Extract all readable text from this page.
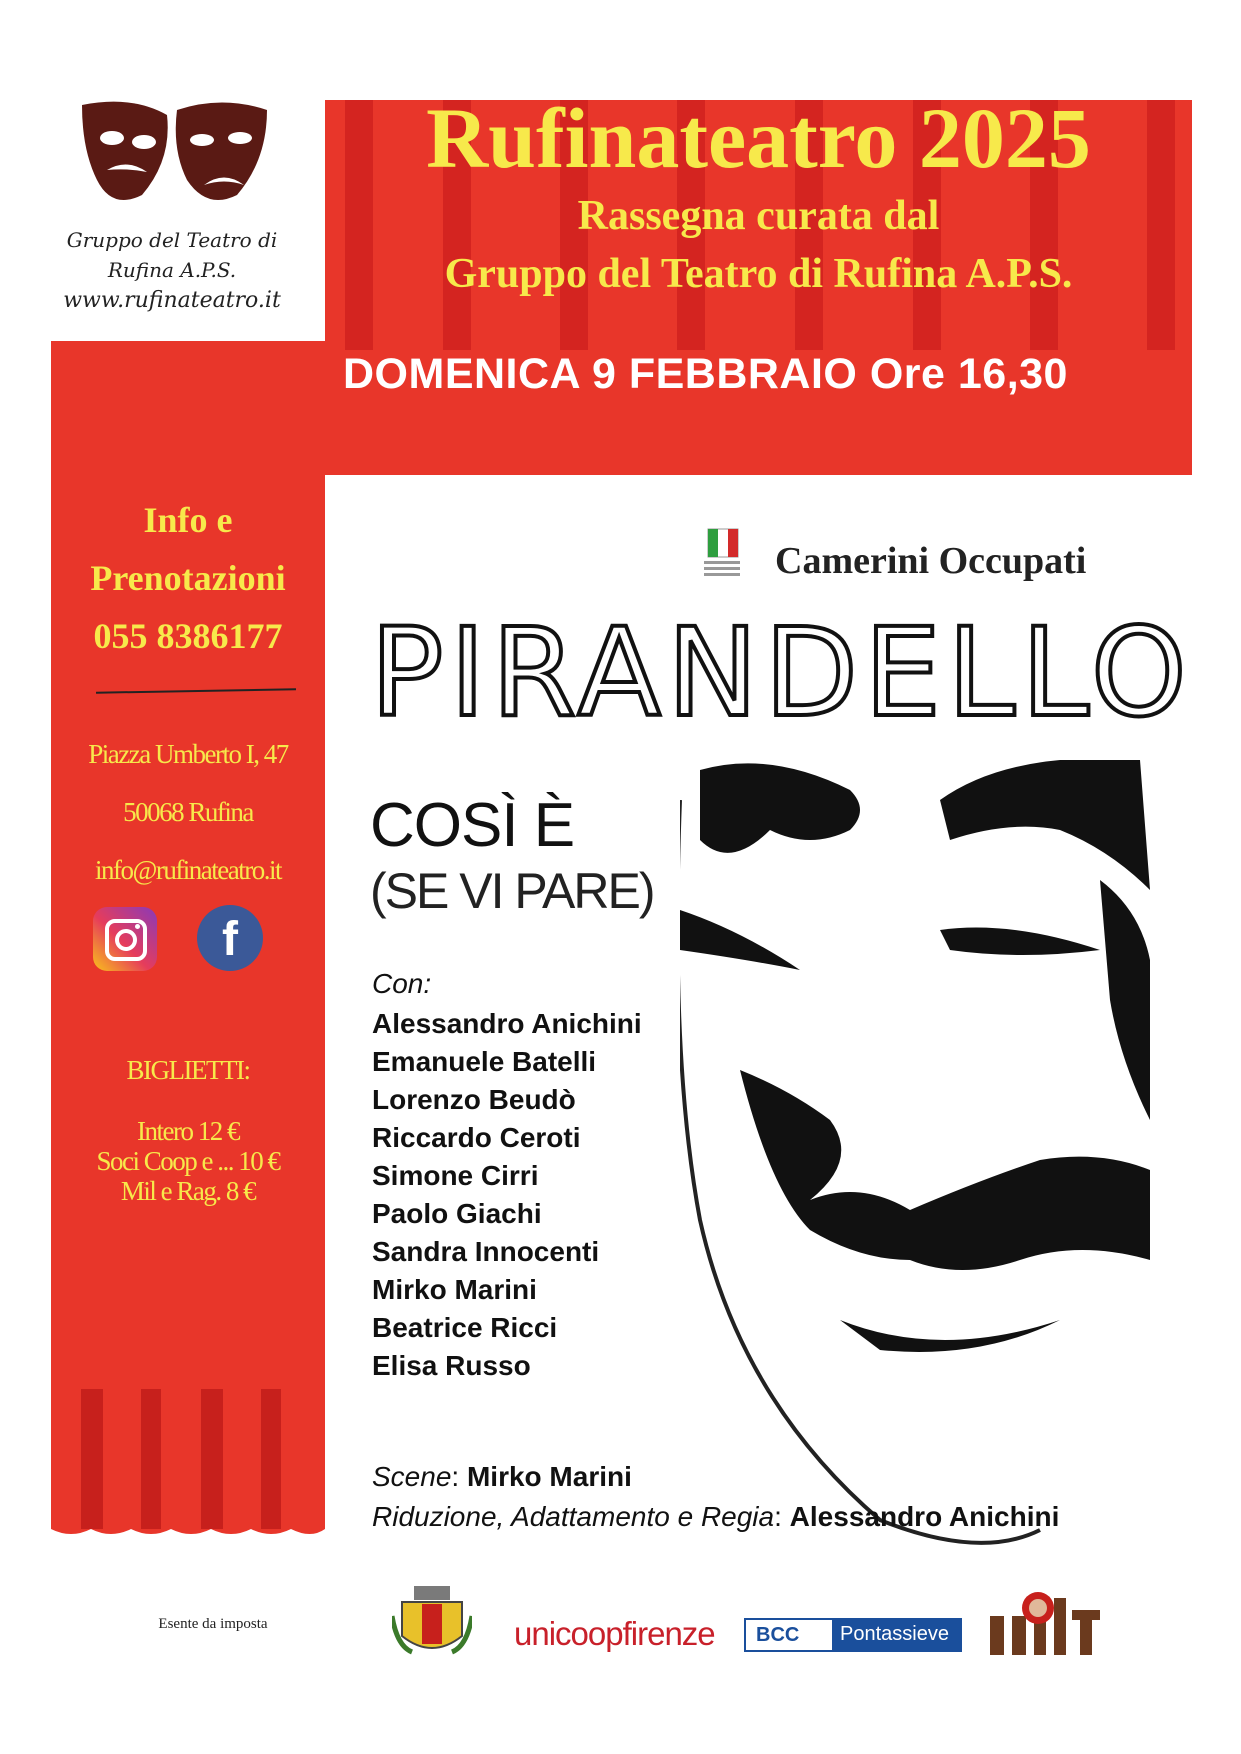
Gruppo del Teatro di
Rufina A.P.S.
www.rufinateatro.it
Rufinateatro 2025
Rassegna curata dal
Gruppo del Teatro di Rufina A.P.S.
DOMENICA 9 FEBBRAIO Ore 16,30
Info e
Prenotazioni
055 8386177
Piazza Umberto I, 47
50068 Rufina
info@rufinateatro.it
f
BIGLIETTI:
Intero 12 €
Soci Coop e ... 10 €
Mil e Rag. 8 €
Camerini Occupati
PIRANDELLO
COSÌ È
(SE VI PARE)
Con:
Alessandro Anichini
Emanuele Batelli
Lorenzo Beudò
Riccardo Ceroti
Simone Cirri
Paolo Giachi
Sandra Innocenti
Mirko Marini
Beatrice Ricci
Elisa Russo
Scene: Mirko Marini
Riduzione, Adattamento e Regia: Alessandro Anichini
Esente da imposta	unicoopfirenze BCC Pontassieve
